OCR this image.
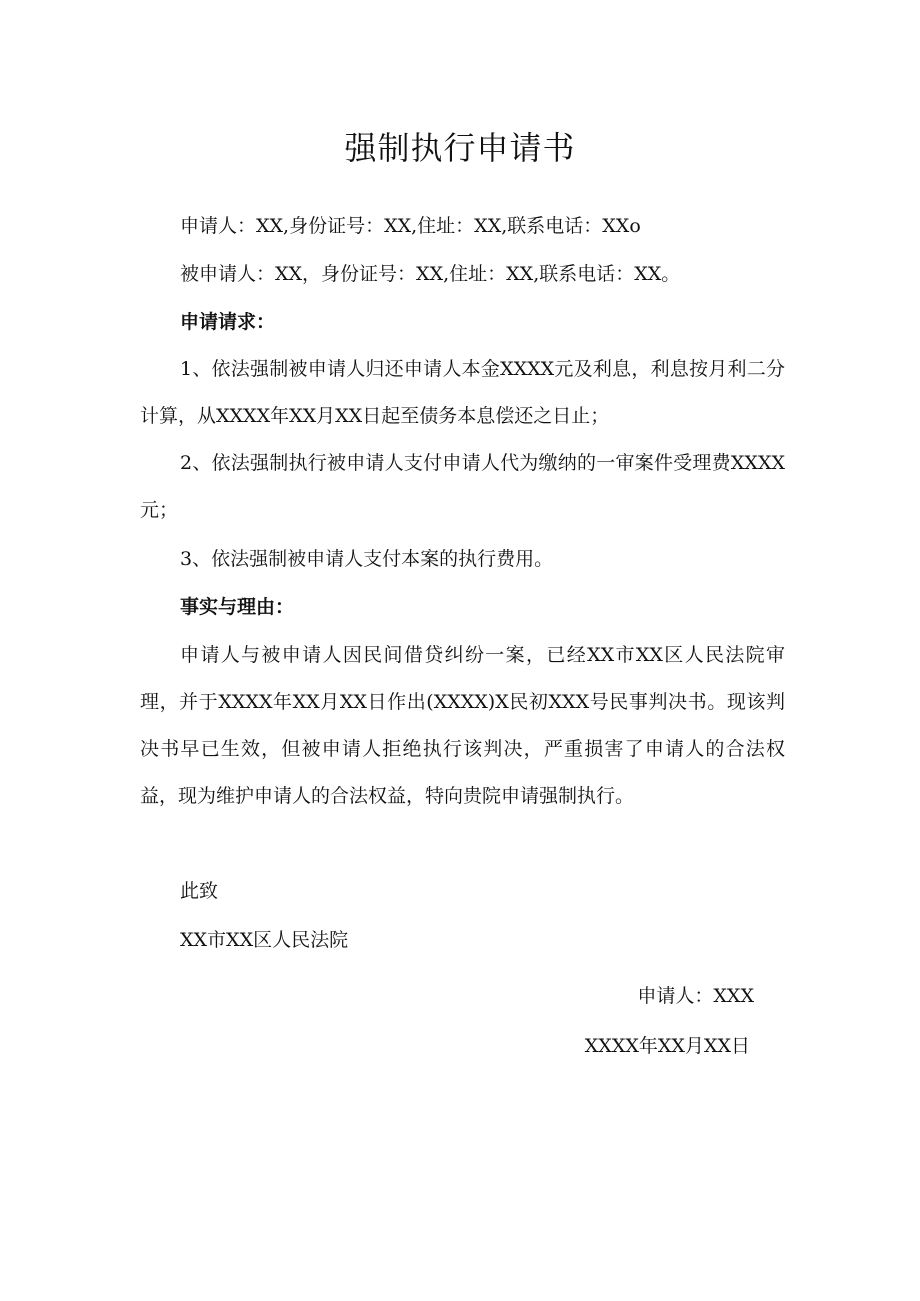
强制执行申请书
申请人：XX,身份证号：XX,住址：XX,联系电话：XXo
被申请人：XX，身份证号：XX,住址：XX,联系电话：XX。
申请请求：
1、依法强制被申请人归还申请人本金XXXX元及利息，利息按月利二分计算，从XXXX年XX月XX日起至债务本息偿还之日止；
2、依法强制执行被申请人支付申请人代为缴纳的一审案件受理费XXXX元；
3、依法强制被申请人支付本案的执行费用。
事实与理由：
申请人与被申请人因民间借贷纠纷一案，已经XX市XX区人民法院审理，并于XXXX年XX月XX日作出(XXXX)X民初XXX号民事判决书。现该判决书早已生效，但被申请人拒绝执行该判决，严重损害了申请人的合法权益，现为维护申请人的合法权益，特向贵院申请强制执行。
此致
XX市XX区人民法院
申请人：XXX
XXXX年XX月XX日
